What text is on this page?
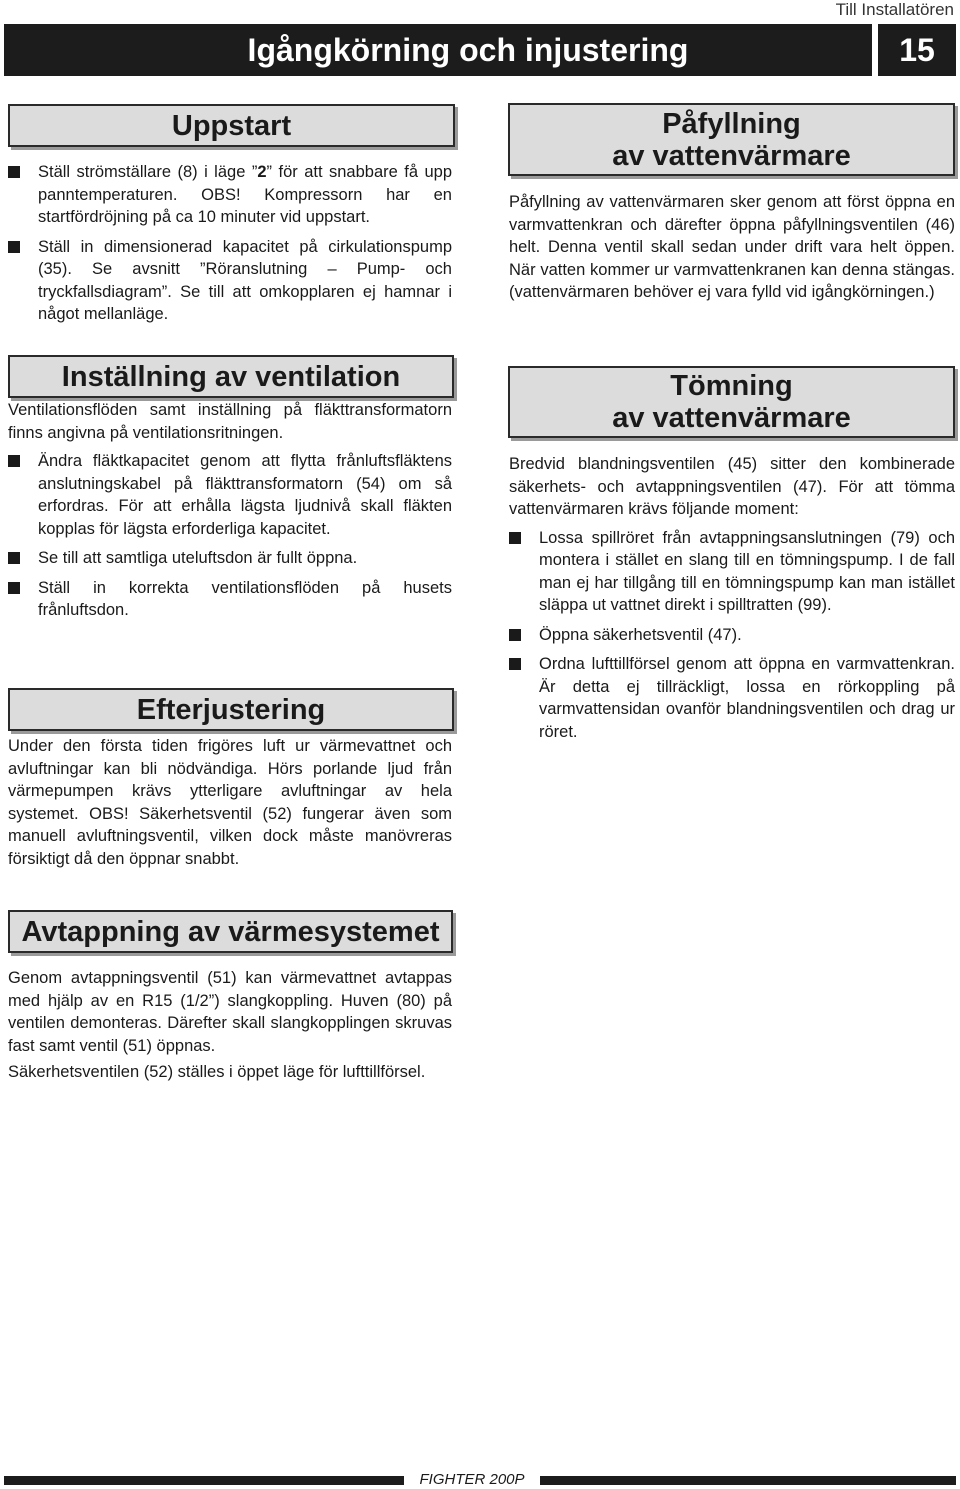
Till Installatören
Igångkörning och injustering	15
Uppstart
Ställ strömställare (8) i läge ”2” för att snabbare få upp panntemperaturen. OBS! Kompressorn har en startfördröjning på ca 10 minuter vid uppstart.
Ställ in dimensionerad kapacitet på cirkulationspump (35). Se avsnitt ”Röranslutning – Pump- och tryckfallsdiagram”. Se till att omkopplaren ej hamnar i något mellanläge.
Inställning av ventilation

Ventilationsflöden samt inställning på fläkttransformatorn finns angivna på ventilationsritningen.

Ändra fläktkapacitet genom att flytta frånluftsfläktens anslutningskabel på fläkttransformatorn (54) om så erfordras. För att erhålla lägsta ljudnivå skall fläkten kopplas för lägsta erforderliga kapacitet.
Se till att samtliga uteluftsdon är fullt öppna.
Ställ in korrekta ventilationsflöden på husets frånluftsdon.
Efterjustering

Under den första tiden frigöres luft ur värmevattnet och avluftningar kan bli nödvändiga. Hörs porlande ljud från värmepumpen krävs ytterligare avluftningar av hela systemet. OBS! Säkerhetsventil (52) fungerar även som manuell avluftningsventil, vilken dock måste manövreras försiktigt då den öppnar snabbt.

Avtappning av värmesystemet

Genom avtappningsventil (51) kan värmevattnet avtappas med hjälp av en R15 (1/2”) slangkoppling. Huven (80) på ventilen demonteras. Därefter skall slangkopplingen skruvas fast samt ventil (51) öppnas.

Säkerhetsventilen (52) ställes i öppet läge för lufttillförsel.

Påfyllning
av vattenvärmare

Påfyllning av vattenvärmaren sker genom att först öppna en varmvattenkran och därefter öppna påfyllningsventilen (46) helt. Denna ventil skall sedan under drift vara helt öppen. När vatten kommer ur varmvattenkranen kan denna stängas. (vattenvärmaren behöver ej vara fylld vid igångkörningen.)

Tömning
av vattenvärmare

Bredvid blandningsventilen (45) sitter den kombinerade säkerhets- och avtappningsventilen (47). För att tömma vattenvärmaren krävs följande moment:

Lossa spillröret från avtappningsanslutningen (79) och montera i stället en slang till en tömningspump. I de fall man ej har tillgång till en tömningspump kan man istället släppa ut vattnet direkt i spilltratten (99).
Öppna säkerhetsventil (47).
Ordna lufttillförsel genom att öppna en varmvattenkran. Är detta ej tillräckligt, lossa en rörkoppling på varmvattensidan ovanför blandningsventilen och drag ur röret.
FIGHTER 200P
